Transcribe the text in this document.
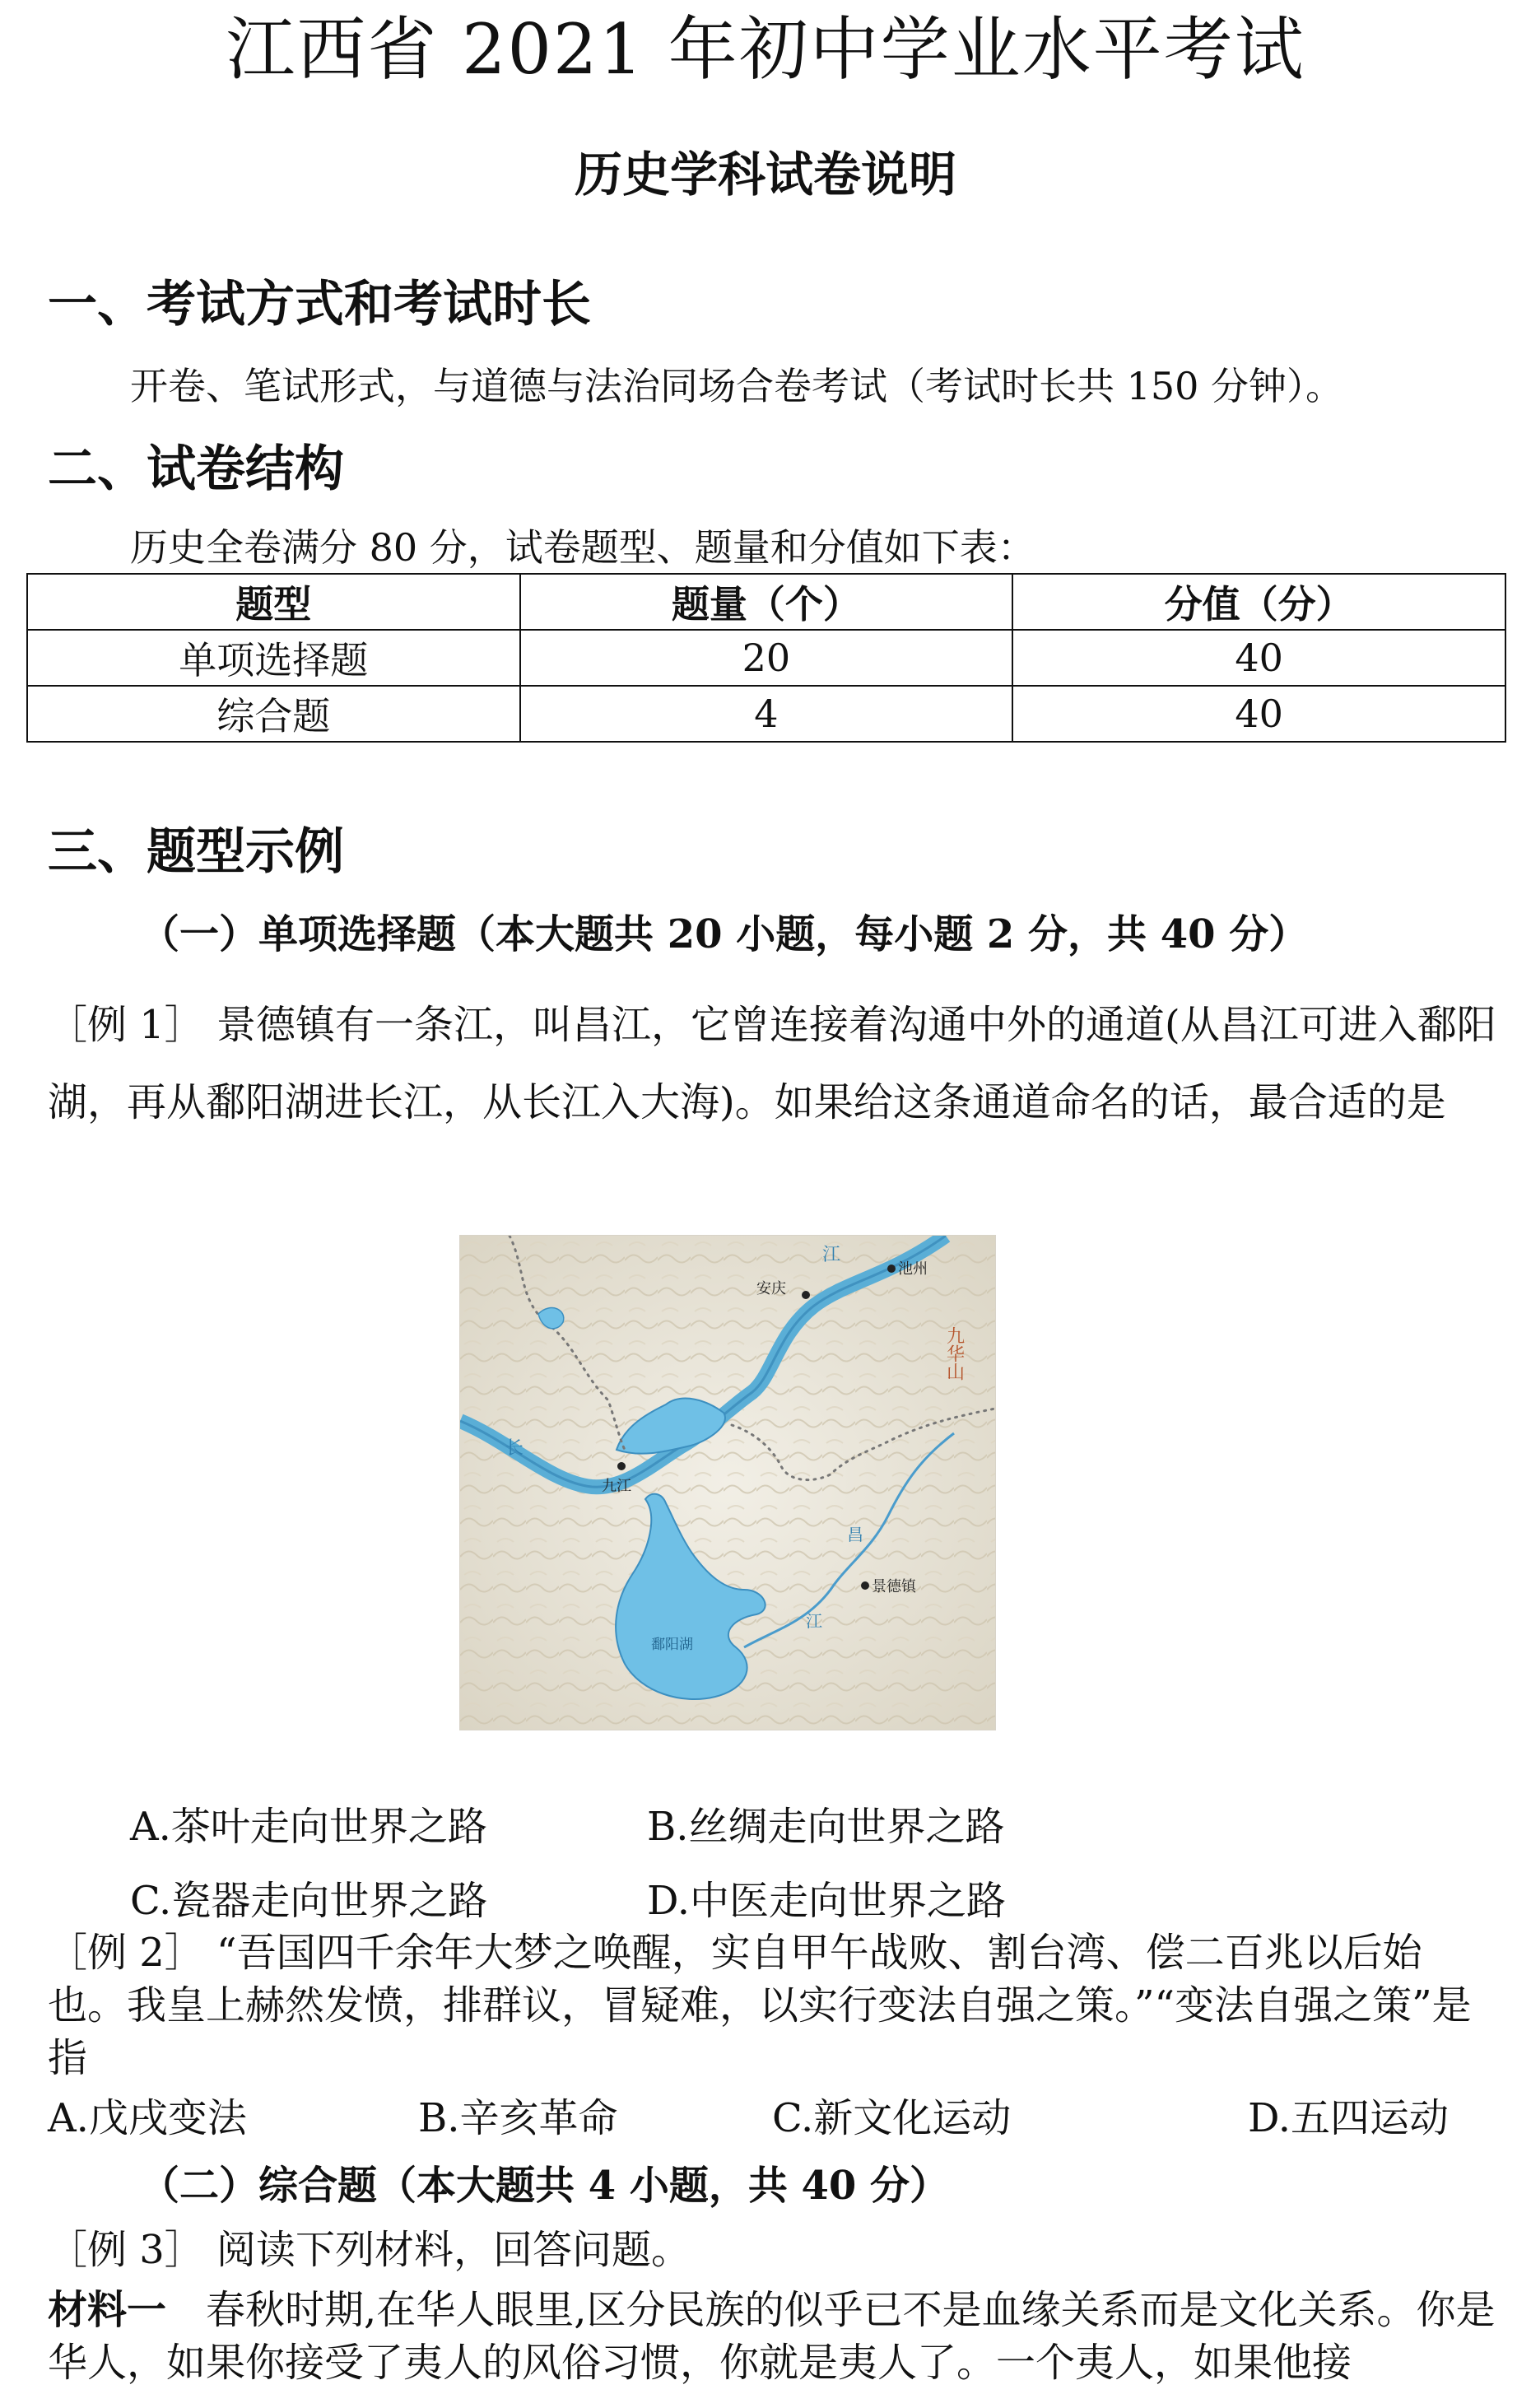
江西省 2021 年初中学业水平考试
历史学科试卷说明
一、考试方式和考试时长
开卷、笔试形式，与道德与法治同场合卷考试（考试时长共 150 分钟）。
二、试卷结构
历史全卷满分 80 分，试卷题型、题量和分值如下表：
题型	题量（个）	分值（分）
单项选择题	20	40
综合题	4	40
三、题型示例
（一）单项选择题（本大题共 20 小题，每小题 2 分，共 40 分）
［例 1］ 景德镇有一条江，叫昌江，它曾连接着沟通中外的通道(从昌江可进入鄱阳湖，再从鄱阳湖进长江，从长江入大海)。如果给这条通道命名的话，最合适的是
池州
安庆
九江
景德镇
鄱阳湖
九华山
长
江
昌
江
A.茶叶走向世界之路	B.丝绸走向世界之路
C.瓷器走向世界之路	D.中医走向世界之路
［例 2］ “吾国四千余年大梦之唤醒，实自甲午战败、割台湾、偿二百兆以后始也。我皇上赫然发愤，排群议，冒疑难，以实行变法自强之策。”“变法自强之策”是指
A.戊戌变法	B.辛亥革命	C.新文化运动	D.五四运动
（二）综合题（本大题共 4 小题，共 40 分）
［例 3］ 阅读下列材料，回答问题。
材料一　春秋时期,在华人眼里,区分民族的似乎已不是血缘关系而是文化关系。你是华人，如果你接受了夷人的风俗习惯，你就是夷人了。一个夷人，如果他接
